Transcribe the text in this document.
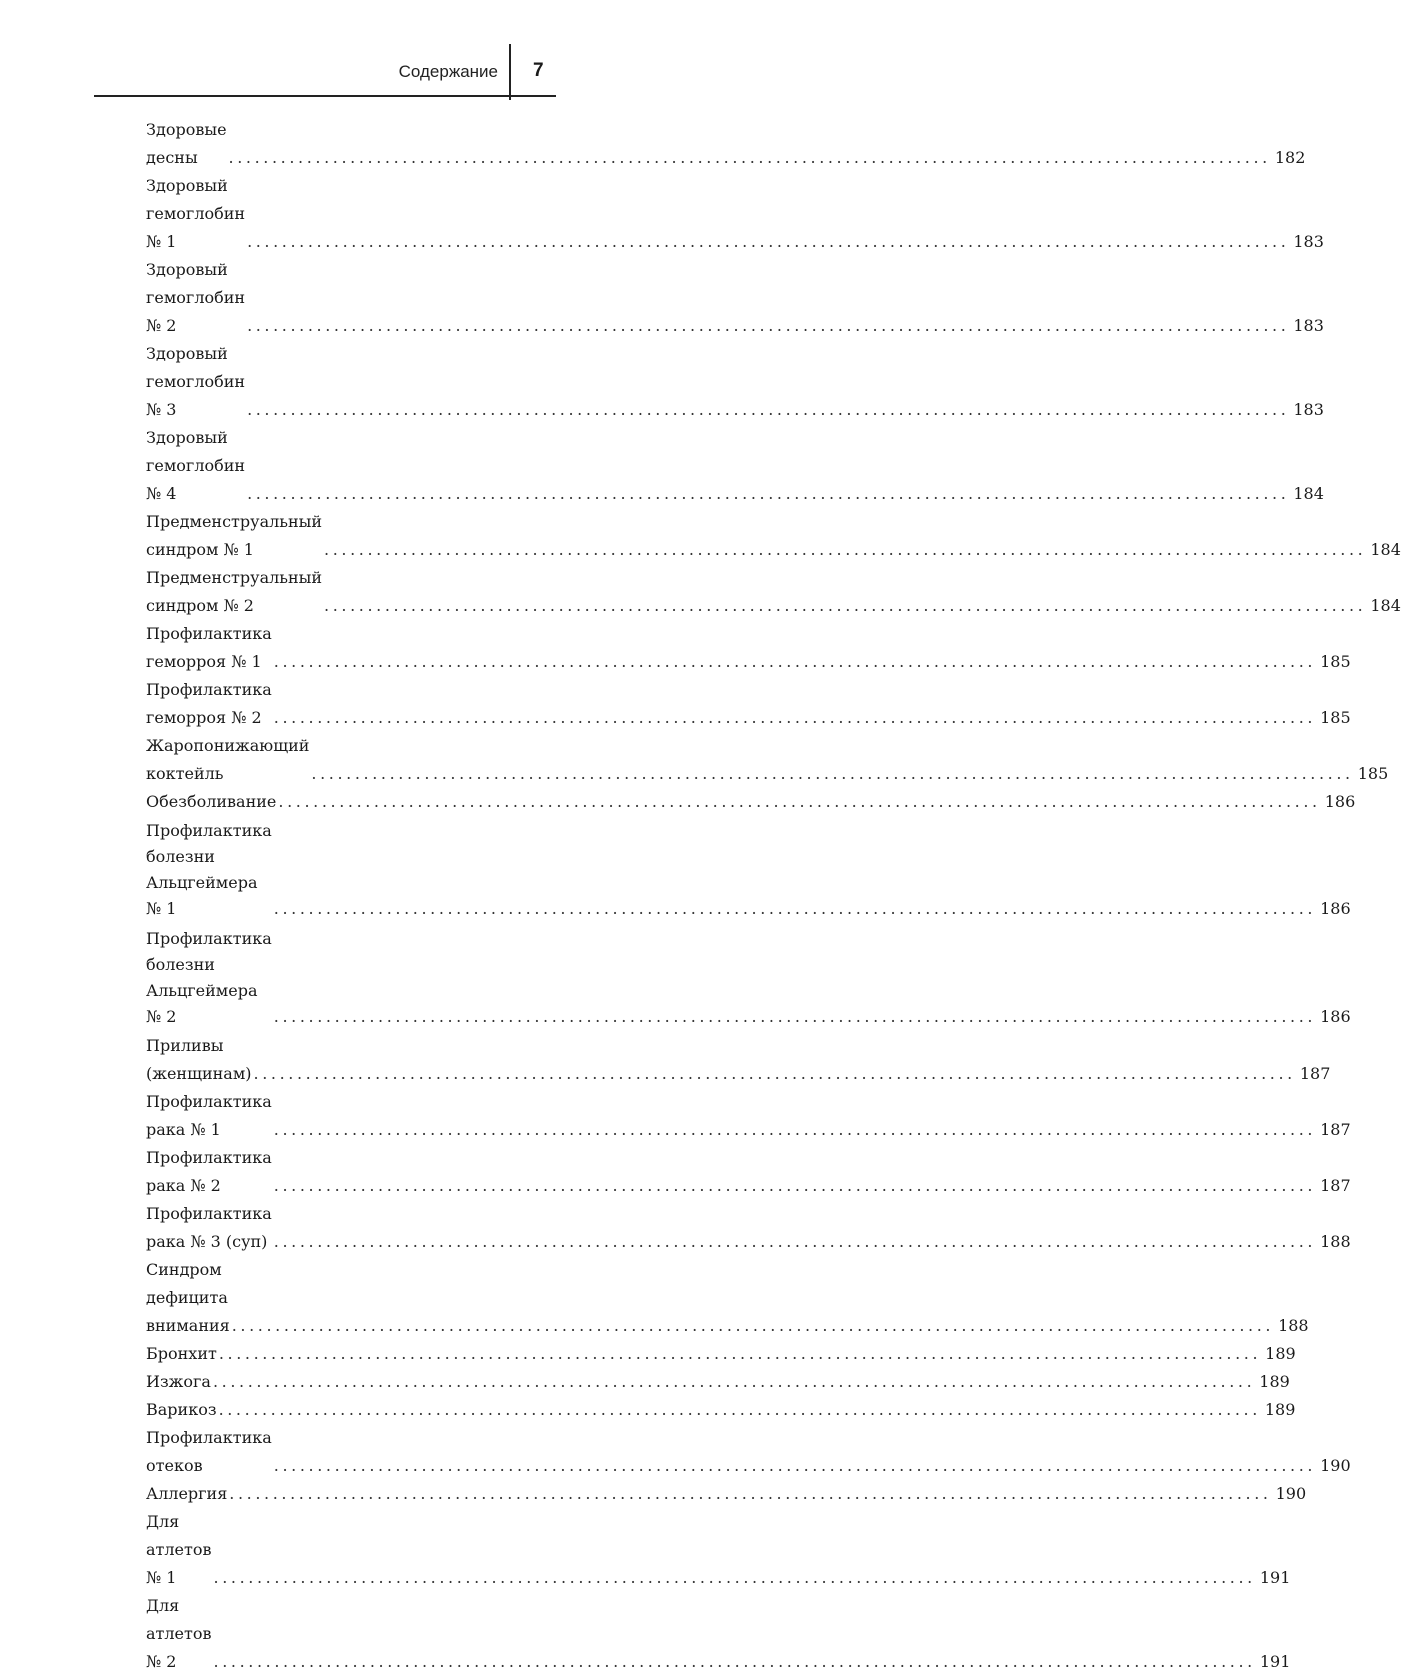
Содержание 7
Здоровые десны	........................................................................................................................ 182
Здоровый гемоглобин № 1	........................................................................................................................ 183
Здоровый гемоглобин № 2	........................................................................................................................ 183
Здоровый гемоглобин № 3	........................................................................................................................ 183
Здоровый гемоглобин № 4	........................................................................................................................ 184
Предменструальный синдром № 1	........................................................................................................................ 184
Предменструальный синдром № 2	........................................................................................................................ 184
Профилактика геморроя № 1 ........................................................................................................................ 185
Профилактика геморроя № 2 ........................................................................................................................ 185
Жаропонижающий коктейль	........................................................................................................................ 185
Обезболивание ........................................................................................................................ 186
Профилактика болезни
Альцгеймера № 1	........................................................................................................................ 186
Профилактика болезни
Альцгеймера № 2	........................................................................................................................ 186
Приливы (женщинам) ........................................................................................................................ 187
Профилактика рака № 1	........................................................................................................................ 187
Профилактика рака № 2	........................................................................................................................ 187
Профилактика рака № 3 (суп) ........................................................................................................................ 188
Синдром дефицита внимания ........................................................................................................................ 188
Бронхит ........................................................................................................................ 189
Изжога ........................................................................................................................ 189
Варикоз ........................................................................................................................ 189
Профилактика отеков	........................................................................................................................ 190
Аллергия ........................................................................................................................ 190
Для атлетов № 1	........................................................................................................................ 191
Для атлетов № 2	........................................................................................................................ 191
